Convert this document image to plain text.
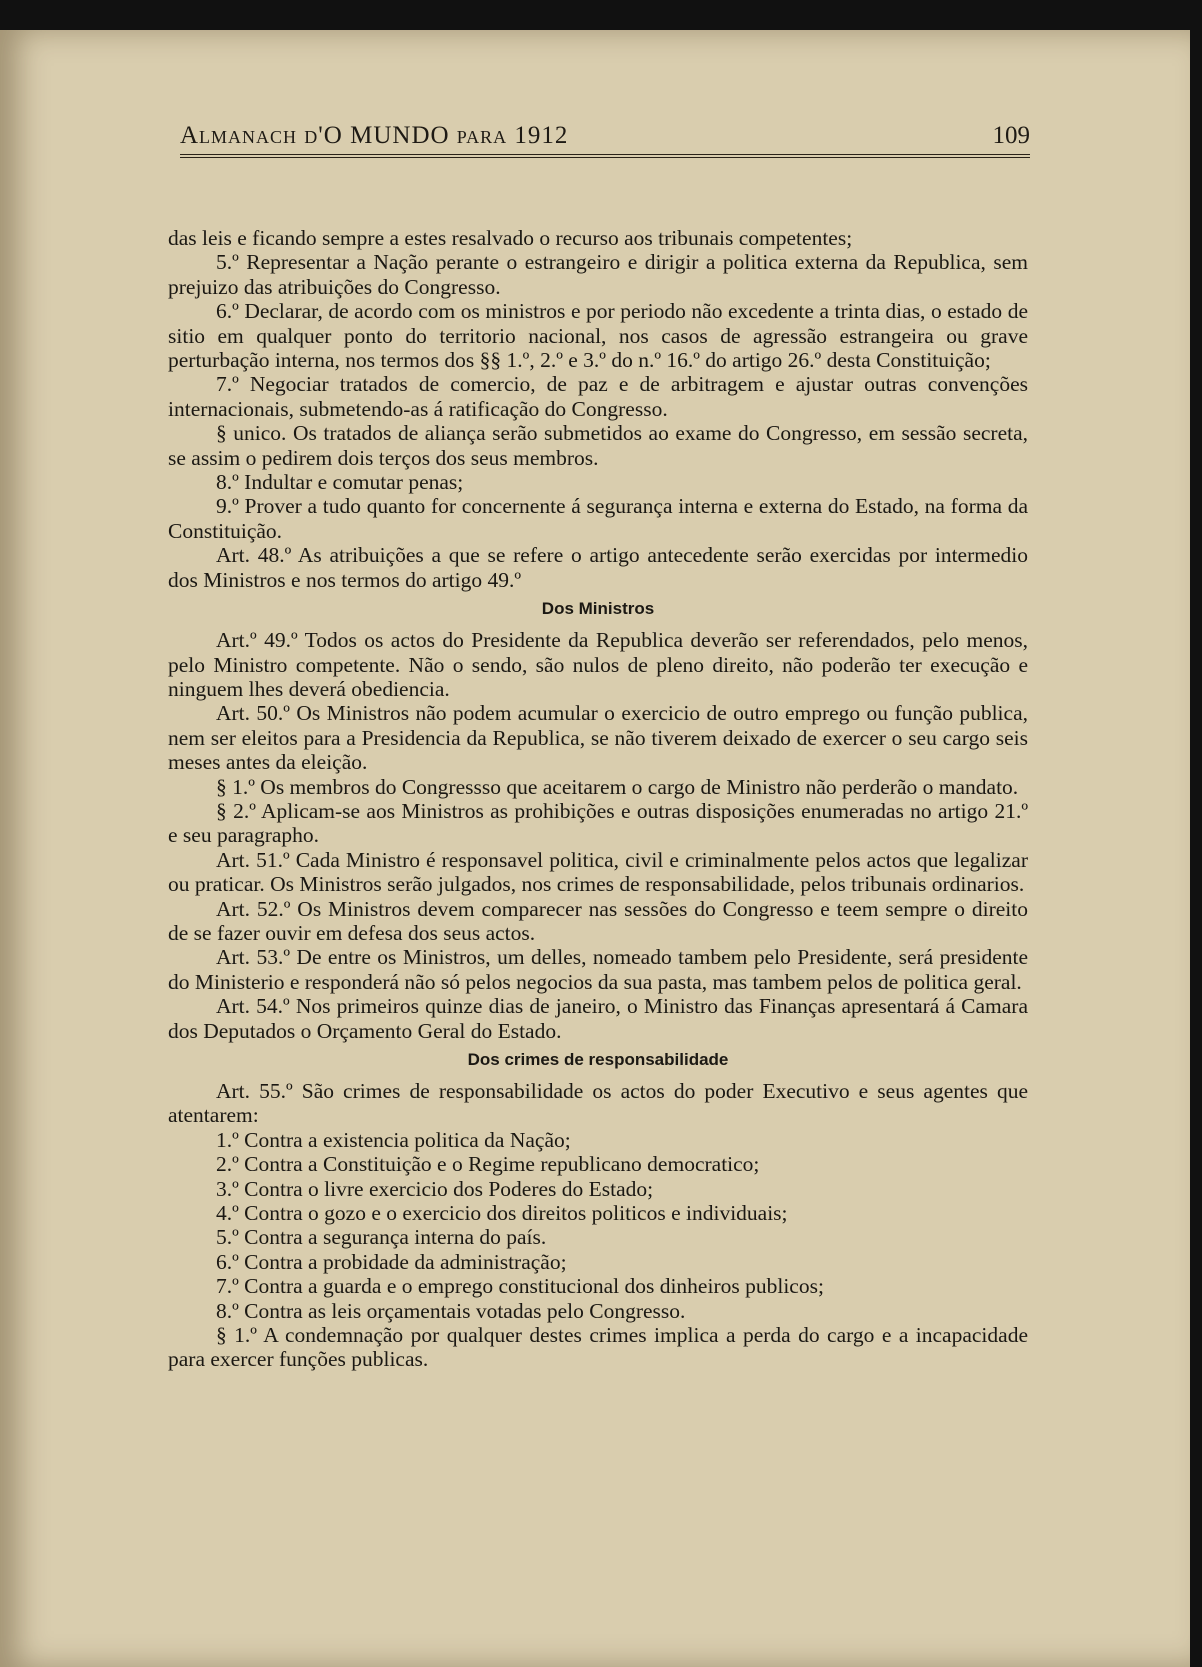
Almanach d'O MUNDO para 1912	109

das leis e ficando sempre a estes resalvado o recurso aos tribunais competentes;

5.º Representar a Nação perante o estrangeiro e dirigir a politica externa da Republica, sem prejuizo das atribuições do Congresso.

6.º Declarar, de acordo com os ministros e por periodo não excedente a trinta dias, o estado de sitio em qualquer ponto do territorio nacional, nos casos de agressão estrangeira ou grave perturbação interna, nos termos dos §§ 1.º, 2.º e 3.º do n.º 16.º do artigo 26.º desta Constituição;

7.º Negociar tratados de comercio, de paz e de arbitragem e ajustar outras convenções internacionais, submetendo-as á ratificação do Congresso.

§ unico. Os tratados de aliança serão submetidos ao exame do Congresso, em sessão secreta, se assim o pedirem dois terços dos seus membros.

8.º Indultar e comutar penas;

9.º Prover a tudo quanto for concernente á segurança interna e externa do Estado, na forma da Constituição.

Art. 48.º As atribuições a que se refere o artigo antecedente serão exercidas por intermedio dos Ministros e nos termos do artigo 49.º

Dos Ministros

Art.º 49.º Todos os actos do Presidente da Republica deverão ser referendados, pelo menos, pelo Ministro competente. Não o sendo, são nulos de pleno direito, não poderão ter execução e ninguem lhes deverá obediencia.

Art. 50.º Os Ministros não podem acumular o exercicio de outro emprego ou função publica, nem ser eleitos para a Presidencia da Republica, se não tiverem deixado de exercer o seu cargo seis meses antes da eleição.

§ 1.º Os membros do Congressso que aceitarem o cargo de Ministro não perderão o mandato.

§ 2.º Aplicam-se aos Ministros as prohibições e outras disposições enumeradas no artigo 21.º e seu paragrapho.

Art. 51.º Cada Ministro é responsavel politica, civil e criminalmente pelos actos que legalizar ou praticar. Os Ministros serão julgados, nos crimes de responsabilidade, pelos tribunais ordinarios.

Art. 52.º Os Ministros devem comparecer nas sessões do Congresso e teem sempre o direito de se fazer ouvir em defesa dos seus actos.

Art. 53.º De entre os Ministros, um delles, nomeado tambem pelo Presidente, será presidente do Ministerio e responderá não só pelos negocios da sua pasta, mas tambem pelos de politica geral.

Art. 54.º Nos primeiros quinze dias de janeiro, o Ministro das Finanças apresentará á Camara dos Deputados o Orçamento Geral do Estado.

Dos crimes de responsabilidade

Art. 55.º São crimes de responsabilidade os actos do poder Executivo e seus agentes que atentarem:

1.º Contra a existencia politica da Nação;

2.º Contra a Constituição e o Regime republicano democratico;

3.º Contra o livre exercicio dos Poderes do Estado;

4.º Contra o gozo e o exercicio dos direitos politicos e individuais;

5.º Contra a segurança interna do país.

6.º Contra a probidade da administração;

7.º Contra a guarda e o emprego constitucional dos dinheiros publicos;

8.º Contra as leis orçamentais votadas pelo Congresso.

§ 1.º A condemnação por qualquer destes crimes implica a perda do cargo e a incapacidade para exercer funções publicas.
